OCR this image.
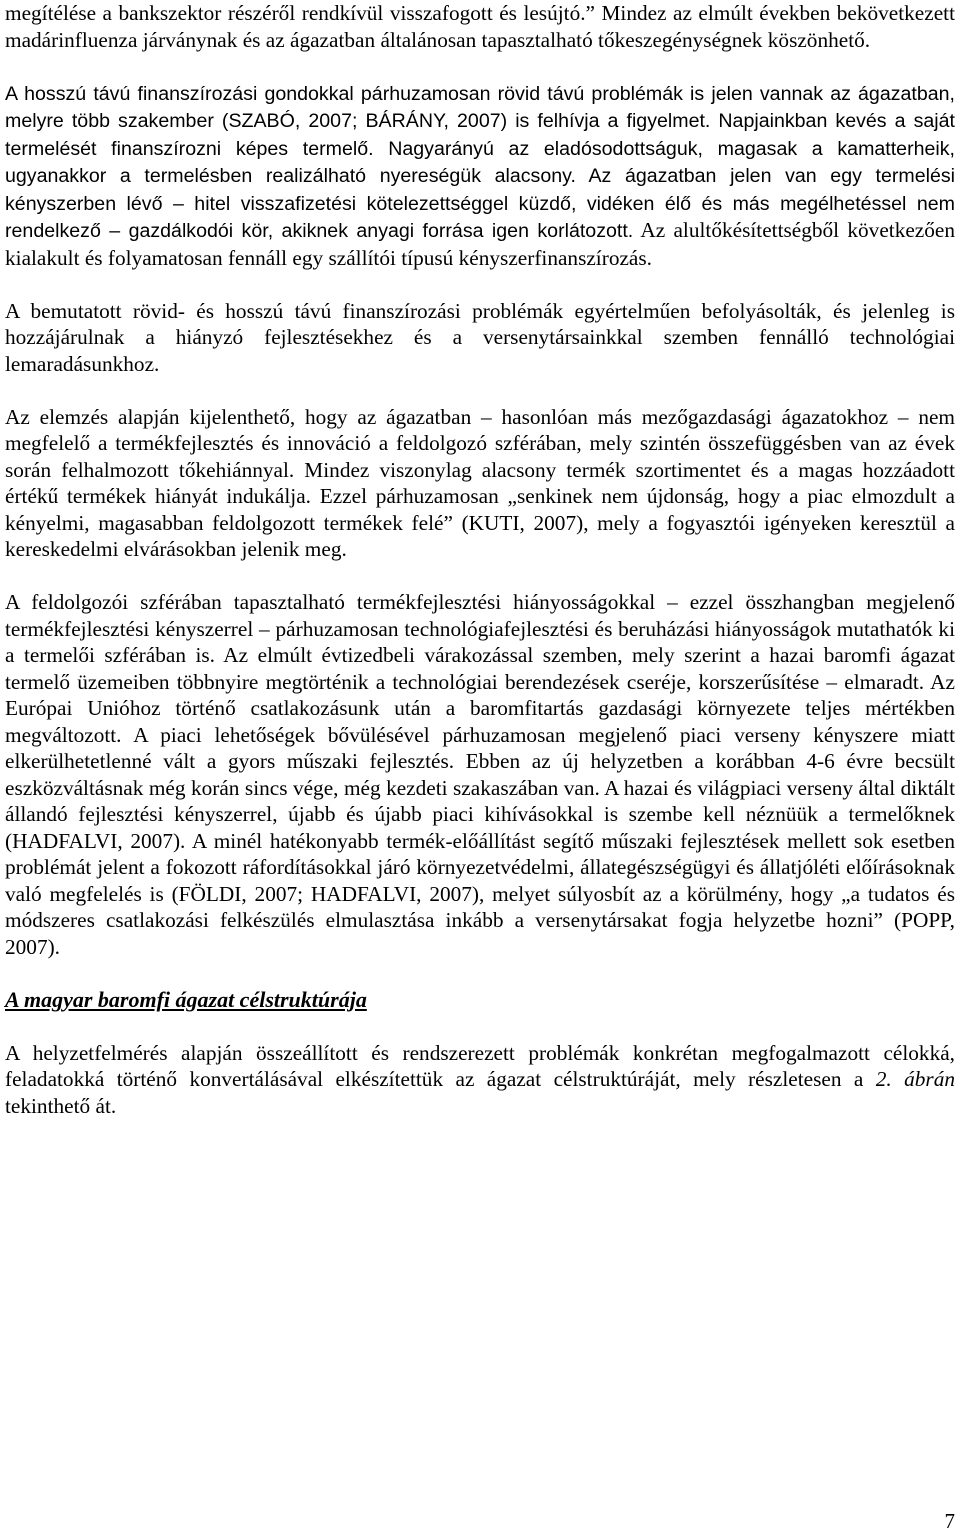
megítélése a bankszektor részéről rendkívül visszafogott és lesújtó.” Mindez az elmúlt években bekövetkezett madárinfluenza járványnak és az ágazatban általánosan tapasztalható tőkeszegénységnek köszönhető.

A hosszú távú finanszírozási gondokkal párhuzamosan rövid távú problémák is jelen vannak az ágazatban, melyre több szakember (SZABÓ, 2007; BÁRÁNY, 2007) is felhívja a figyelmet. Napjainkban kevés a saját termelését finanszírozni képes termelő. Nagyarányú az eladósodottságuk, magasak a kamatterheik, ugyanakkor a termelésben realizálható nyereségük alacsony. Az ágazatban jelen van egy termelési kényszerben lévő – hitel visszafizetési kötelezettséggel küzdő, vidéken élő és más megélhetéssel nem rendelkező – gazdálkodói kör, akiknek anyagi forrása igen korlátozott. Az alultőkésítettségből következően kialakult és folyamatosan fennáll egy szállítói típusú kényszerfinanszírozás.

A bemutatott rövid- és hosszú távú finanszírozási problémák egyértelműen befolyásolták, és jelenleg is hozzájárulnak a hiányzó fejlesztésekhez és a versenytársainkkal szemben fennálló technológiai lemaradásunkhoz.

Az elemzés alapján kijelenthető, hogy az ágazatban – hasonlóan más mezőgazdasági ágazatokhoz – nem megfelelő a termékfejlesztés és innováció a feldolgozó szférában, mely szintén összefüggésben van az évek során felhalmozott tőkehiánnyal. Mindez viszonylag alacsony termék szortimentet és a magas hozzáadott értékű termékek hiányát indukálja. Ezzel párhuzamosan „senkinek nem újdonság, hogy a piac elmozdult a kényelmi, magasabban feldolgozott termékek felé” (KUTI, 2007), mely a fogyasztói igényeken keresztül a kereskedelmi elvárásokban jelenik meg.

A feldolgozói szférában tapasztalható termékfejlesztési hiányosságokkal – ezzel összhangban megjelenő termékfejlesztési kényszerrel – párhuzamosan technológiafejlesztési és beruházási hiányosságok mutathatók ki a termelői szférában is. Az elmúlt évtizedbeli várakozással szemben, mely szerint a hazai baromfi ágazat termelő üzemeiben többnyire megtörténik a technológiai berendezések cseréje, korszerűsítése – elmaradt. Az Európai Unióhoz történő csatlakozásunk után a baromfitartás gazdasági környezete teljes mértékben megváltozott. A piaci lehetőségek bővülésével párhuzamosan megjelenő piaci verseny kényszere miatt elkerülhetetlenné vált a gyors műszaki fejlesztés. Ebben az új helyzetben a korábban 4-6 évre becsült eszközváltásnak még korán sincs vége, még kezdeti szakaszában van. A hazai és világpiaci verseny által diktált állandó fejlesztési kényszerrel, újabb és újabb piaci kihívásokkal is szembe kell néznüük a termelőknek (HADFALVI, 2007). A minél hatékonyabb termék-előállítást segítő műszaki fejlesztések mellett sok esetben problémát jelent a fokozott ráfordításokkal járó környezetvédelmi, állategészségügyi és állatjóléti előírásoknak való megfelelés is (FÖLDI, 2007; HADFALVI, 2007), melyet súlyosbít az a körülmény, hogy „a tudatos és módszeres csatlakozási felkészülés elmulasztása inkább a versenytársakat fogja helyzetbe hozni” (POPP, 2007).

A magyar baromfi ágazat célstruktúrája

A helyzetfelmérés alapján összeállított és rendszerezett problémák konkrétan megfogalmazott célokká, feladatokká történő konvertálásával elkészítettük az ágazat célstruktúráját, mely részletesen a 2. ábrán tekinthető át.

7
